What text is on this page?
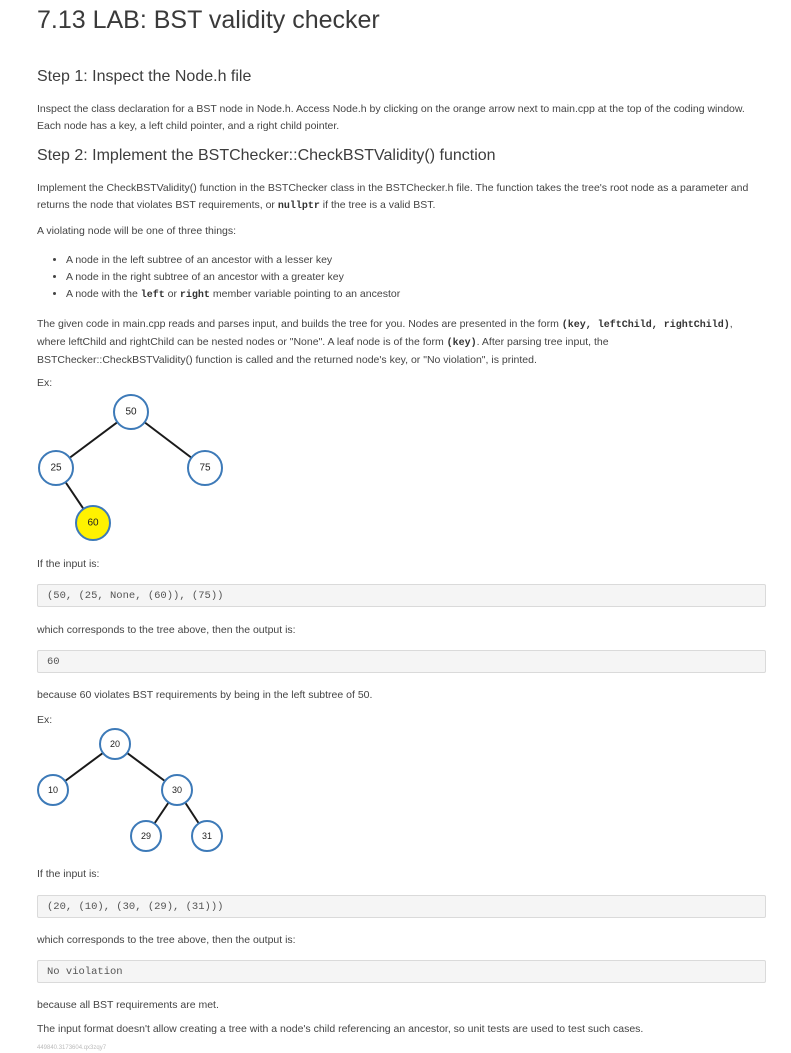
7.13 LAB: BST validity checker
Step 1: Inspect the Node.h file

Inspect the class declaration for a BST node in Node.h. Access Node.h by clicking on the orange arrow next to main.cpp at the top of the coding window. Each node has a key, a left child pointer, and a right child pointer.

Step 2: Implement the BSTChecker::CheckBSTValidity() function

Implement the CheckBSTValidity() function in the BSTChecker class in the BSTChecker.h file. The function takes the tree's root node as a parameter and returns the node that violates BST requirements, or nullptr if the tree is a valid BST.

A violating node will be one of three things:

• A node in the left subtree of an ancestor with a lesser key
• A node in the right subtree of an ancestor with a greater key
• A node with the left or right member variable pointing to an ancestor

The given code in main.cpp reads and parses input, and builds the tree for you. Nodes are presented in the form (key, leftChild, rightChild), where leftChild and rightChild can be nested nodes or "None". A leaf node is of the form (key). After parsing tree input, the BSTChecker::CheckBSTValidity() function is called and the returned node's key, or "No violation", is printed.

Ex:
50
25	75
60
If the input is:
(50, (25, None, (60)), (75))
which corresponds to the tree above, then the output is:
60
because 60 violates BST requirements by being in the left subtree of 50.
Ex:
20
10	30
29	31
If the input is:
(20, (10), (30, (29), (31)))
which corresponds to the tree above, then the output is:
No violation
because all BST requirements are met.
The input format doesn't allow creating a tree with a node's child referencing an ancestor, so unit tests are used to test such cases.
449840.3173604.qx3zqy7
